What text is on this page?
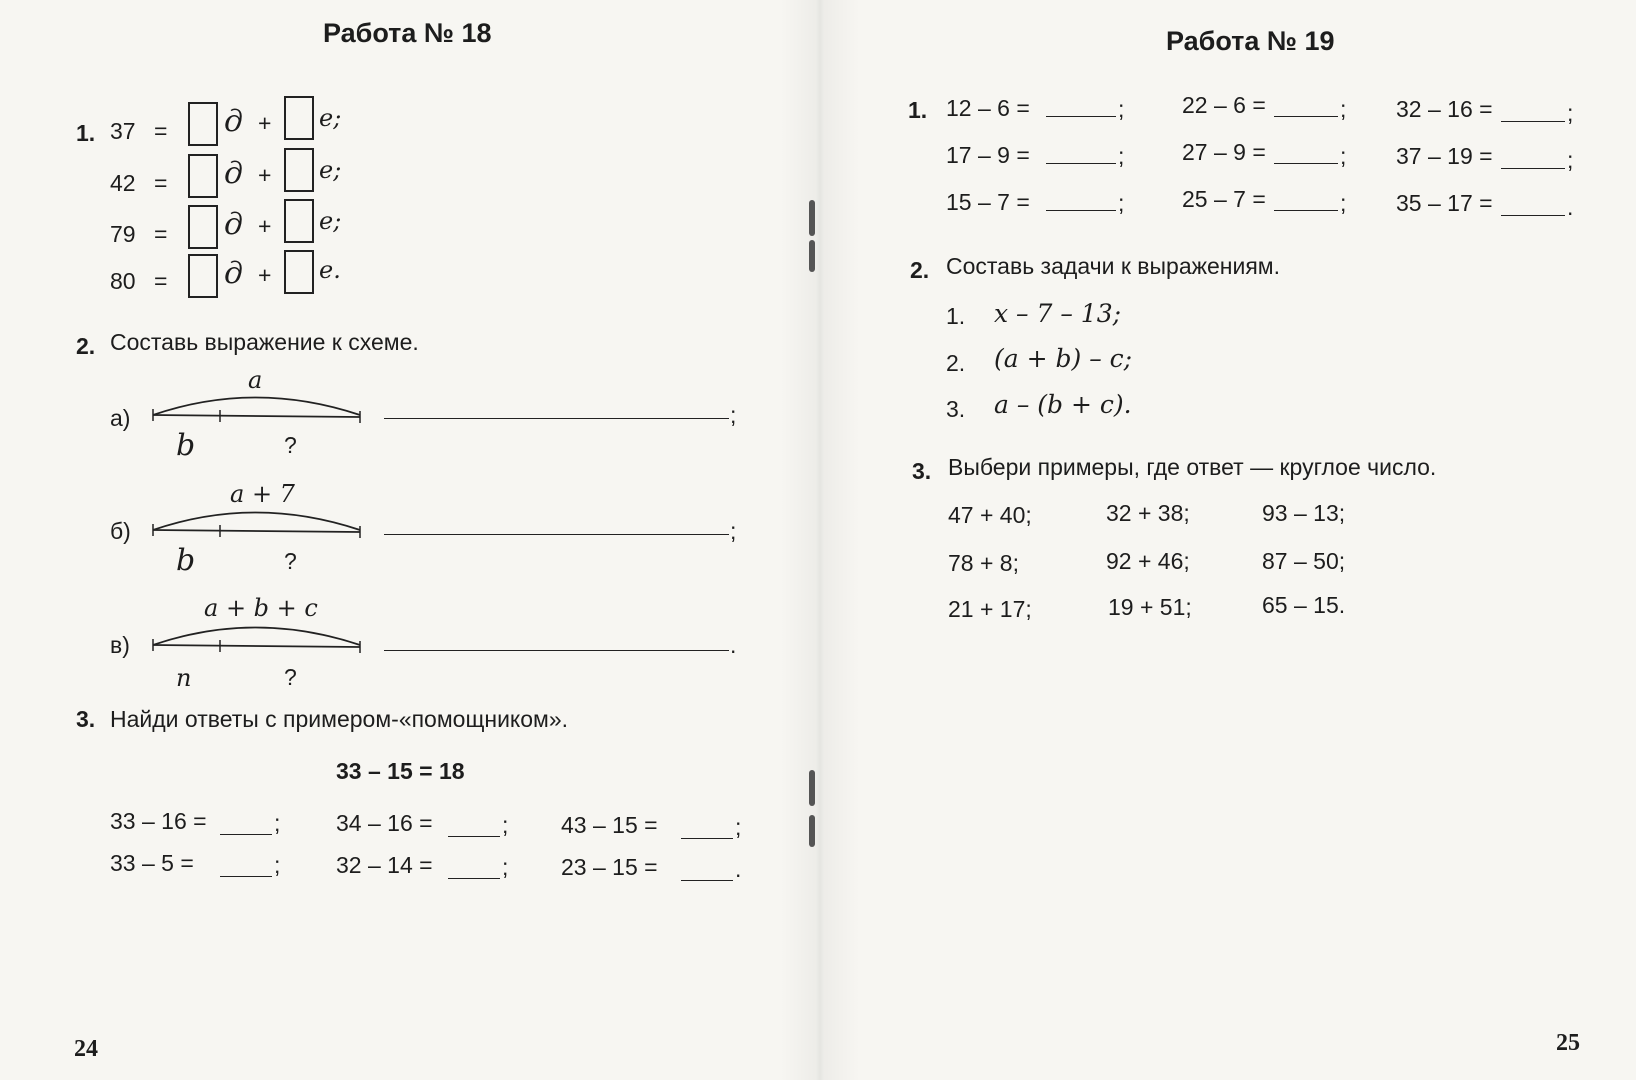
Работа № 18
1. 37 = д + е;
42 = д + е;
79 = д + е;
80 = д + е.
2. Составь выражение к схеме.
а)
a
b	?
;
б)
a + 7
b	?
;
в)
a + b + c
n	?
.
3. Найди ответы с примером-«помощником».
33 – 15 = 18
33 – 16 =	; 34 – 16 =	; 43 – 15 =	;
33 – 5 =	; 32 – 14 =	; 23 – 15 =	.
24
Работа № 19
1. 12 – 6 =	;	22 – 6 =	; 32 – 16 =	;
17 – 9 =	;	27 – 9 =	; 37 – 19 =	;
15 – 7 =	;	25 – 7 =	; 35 – 17 =	.
2. Составь задачи к выражениям.
1. x – 7 – 13;
2. (a + b) – c;
3. a – (b + c).
3. Выбери примеры, где ответ — круглое число.
47 + 40;	32 + 38;	93 – 13;
78 + 8;	92 + 46;	87 – 50;
21 + 17;	19 + 51;	65 – 15.
25
